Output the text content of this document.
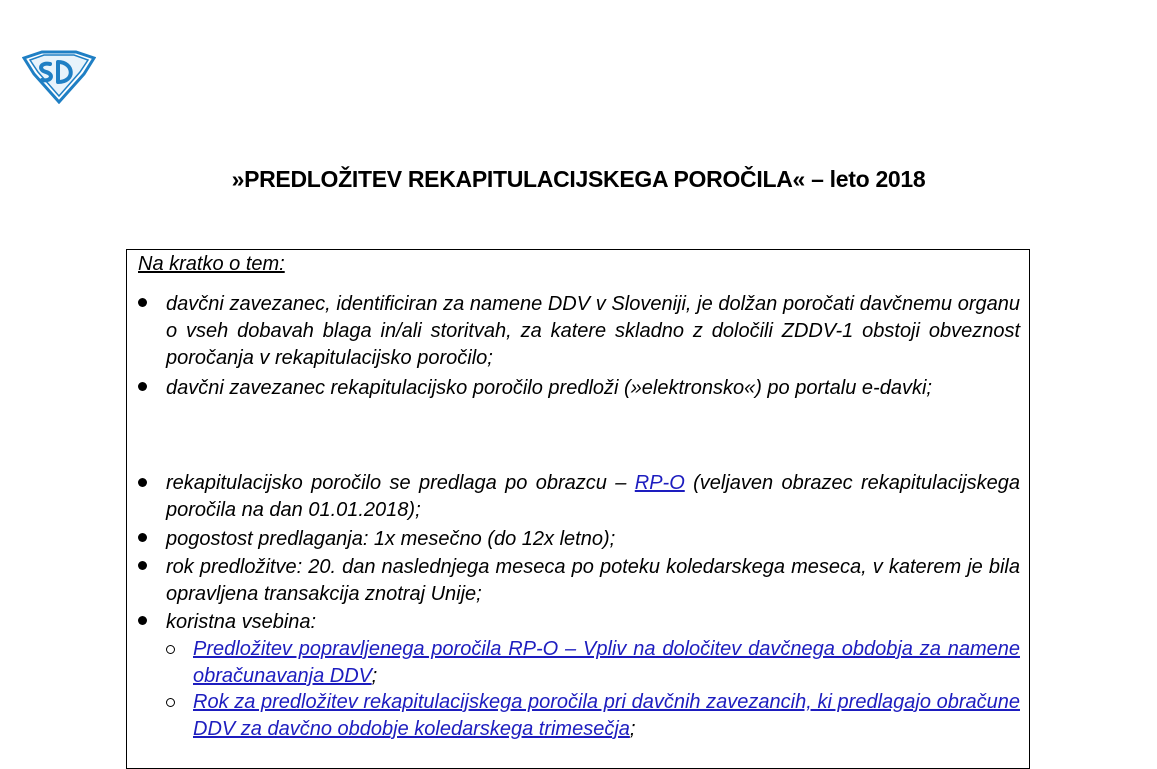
»PREDLOŽITEV REKAPITULACIJSKEGA POROČILA« – leto 2018
Na kratko o tem:

davčni zavezanec, identificiran za namene DDV v Sloveniji, je dolžan poročati davčnemu organu o vseh dobavah blaga in/ali storitvah, za katere skladno z določili ZDDV-1 obstoji obveznost poročanja v rekapitulacijsko poročilo;

davčni zavezanec rekapitulacijsko poročilo predloži (»elektronsko«) po portalu e-davki;

rekapitulacijsko poročilo se predlaga po obrazcu – RP-O (veljaven obrazec rekapitulacijskega poročila na dan 01.01.2018);

pogostost predlaganja: 1x mesečno (do 12x letno);

rok predložitve: 20. dan naslednjega meseca po poteku koledarskega meseca, v katerem je bila opravljena transakcija znotraj Unije;

koristna vsebina:

Predložitev popravljenega poročila RP-O – Vpliv na določitev davčnega obdobja za namene obračunavanja DDV;

Rok za predložitev rekapitulacijskega poročila pri davčnih zavezancih, ki predlagajo obračune DDV za davčno obdobje koledarskega trimesečja;
